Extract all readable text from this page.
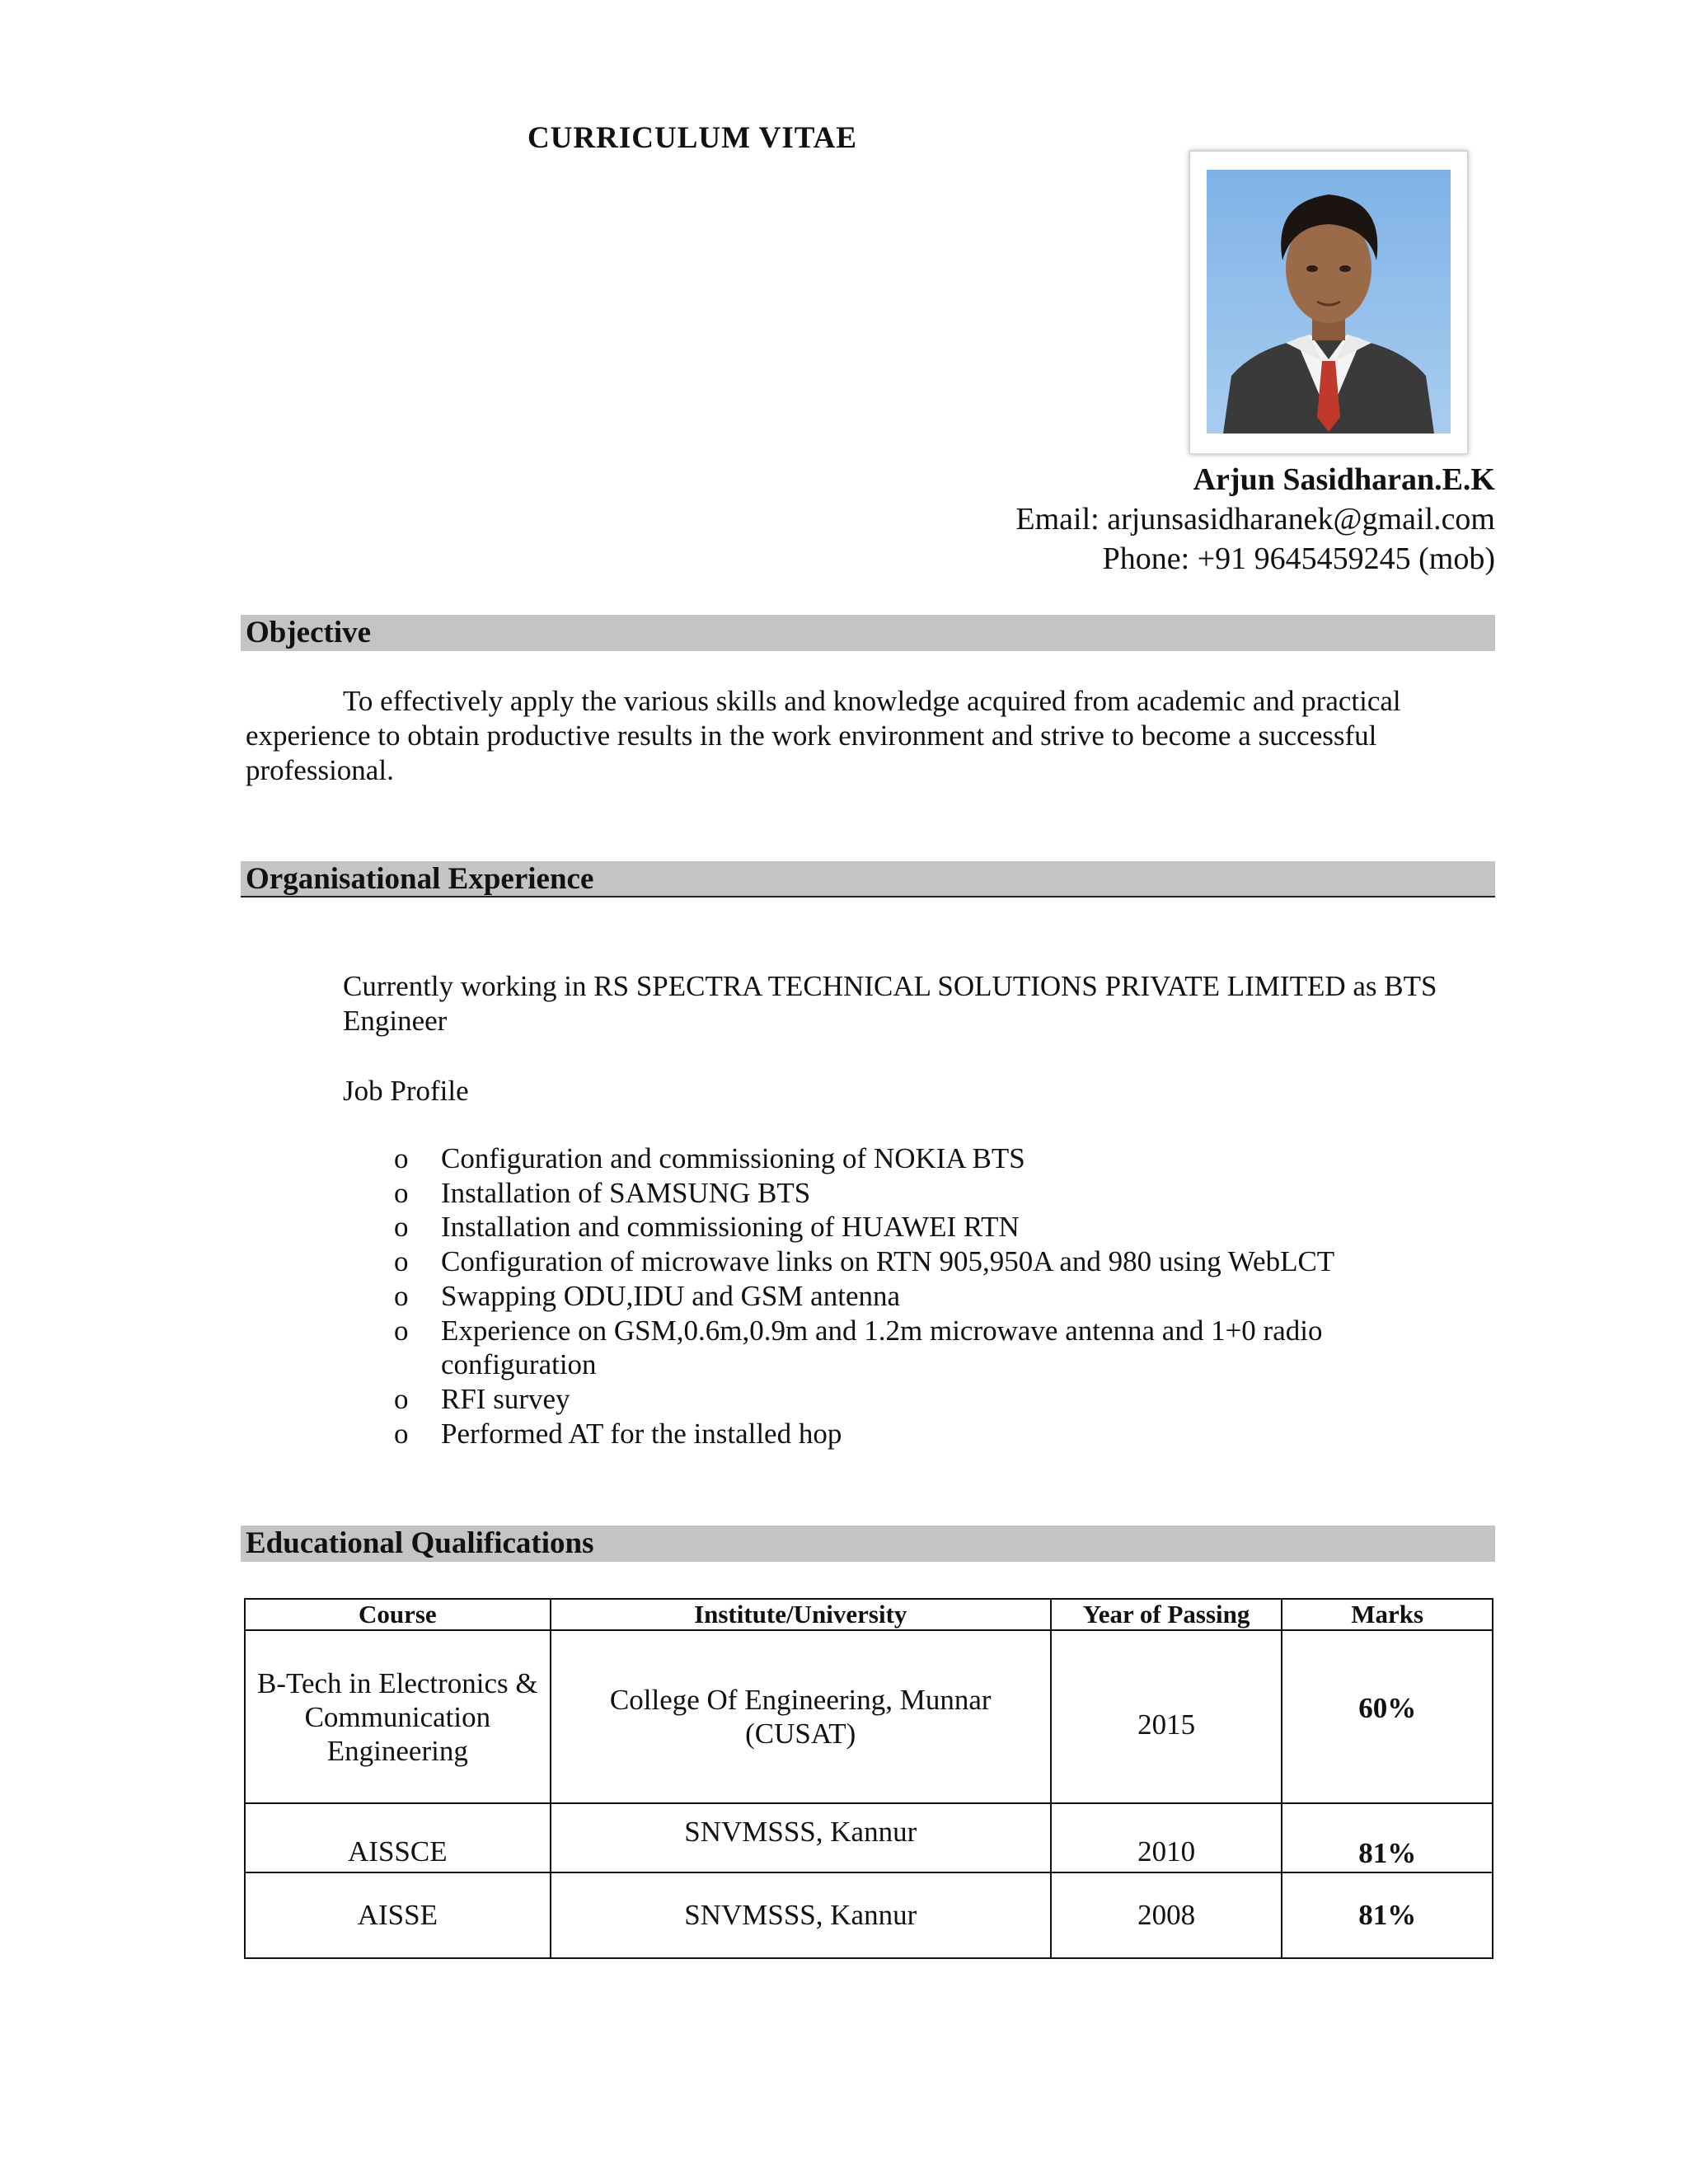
CURRICULUM VITAE
Arjun Sasidharan.E.K
Email: arjunsasidharanek@gmail.com
Phone: +91 9645459245 (mob)
Objective
To effectively apply the various skills and knowledge acquired from academic and practical experience to obtain productive results in the work environment and strive to become a successful professional.
Organisational Experience
Currently working in RS SPECTRA TECHNICAL SOLUTIONS PRIVATE LIMITED as BTS Engineer
Job Profile
o	Configuration and commissioning of NOKIA BTS
o	Installation of SAMSUNG BTS
o	Installation and commissioning of HUAWEI RTN
o	Configuration of microwave links on RTN 905,950A and 980 using WebLCT
o	Swapping ODU,IDU and GSM antenna
o	Experience on GSM,0.6m,0.9m and 1.2m microwave antenna and 1+0 radio configuration
o	RFI survey
o	Performed AT for the installed hop
Educational Qualifications
Course	Institute/University	Year of Passing	Marks
B-Tech in Electronics & Communication Engineering	College Of Engineering, Munnar (CUSAT)	2015	60%
AISSCE	SNVMSSS, Kannur	2010	81%
AISSE	SNVMSSS, Kannur	2008	81%
